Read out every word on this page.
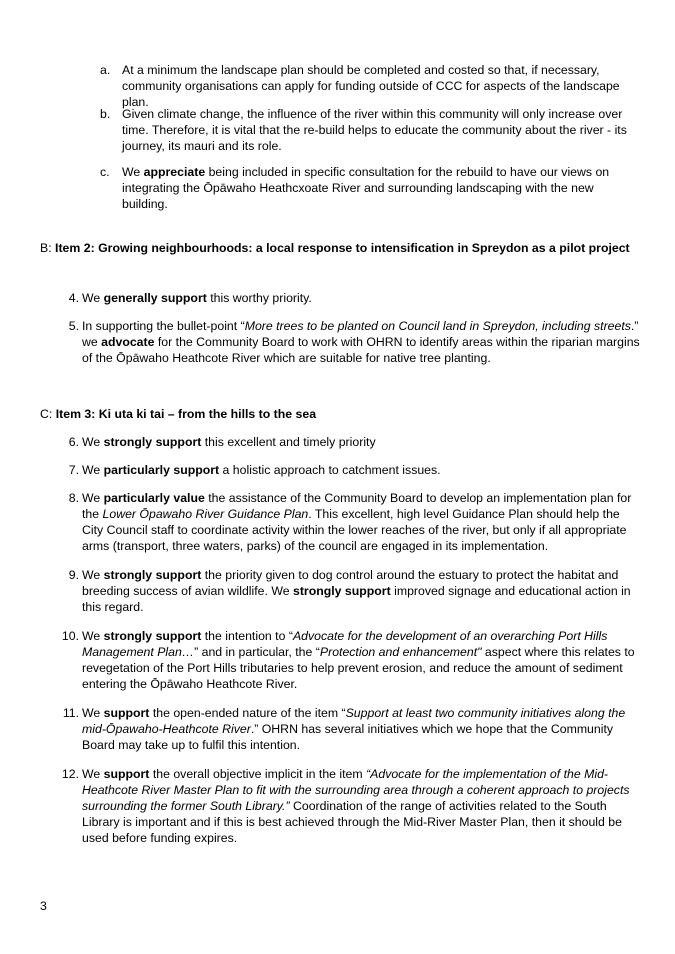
a. At a minimum the landscape plan should be completed and costed so that, if necessary, community organisations can apply for funding outside of CCC for aspects of the landscape plan.
b. Given climate change, the influence of the river within this community will only increase over time. Therefore, it is vital that the re-build helps to educate the community about the river - its journey, its mauri and its role.
c. We appreciate being included in specific consultation for the rebuild to have our views on integrating the Ōpāwaho Heathcxoate River and surrounding landscaping with the new building.
B: Item 2: Growing neighbourhoods: a local response to intensification in Spreydon as a pilot project
4. We generally support this worthy priority.
5. In supporting the bullet-point “More trees to be planted on Council land in Spreydon, including streets.” we advocate for the Community Board to work with OHRN to identify areas within the riparian margins of the Ōpāwaho Heathcote River which are suitable for native tree planting.
C: Item 3: Ki uta ki tai – from the hills to the sea
6. We strongly support this excellent and timely priority
7. We particularly support a holistic approach to catchment issues.
8. We particularly value the assistance of the Community Board to develop an implementation plan for the Lower Ōpawaho River Guidance Plan. This excellent, high level Guidance Plan should help the City Council staff to coordinate activity within the lower reaches of the river, but only if all appropriate arms (transport, three waters, parks) of the council are engaged in its implementation.
9. We strongly support the priority given to dog control around the estuary to protect the habitat and breeding success of avian wildlife. We strongly support improved signage and educational action in this regard.
10. We strongly support the intention to “Advocate for the development of an overarching Port Hills Management Plan…” and in particular, the “Protection and enhancement" aspect where this relates to revegetation of the Port Hills tributaries to help prevent erosion, and reduce the amount of sediment entering the Ōpāwaho Heathcote River.
11. We support the open-ended nature of the item “Support at least two community initiatives along the mid-Ōpawaho-Heathcote River.” OHRN has several initiatives which we hope that the Community Board may take up to fulfil this intention.
12. We support the overall objective implicit in the item “Advocate for the implementation of the Mid-Heathcote River Master Plan to fit with the surrounding area through a coherent approach to projects surrounding the former South Library.” Coordination of the range of activities related to the South Library is important and if this is best achieved through the Mid-River Master Plan, then it should be used before funding expires.
3
